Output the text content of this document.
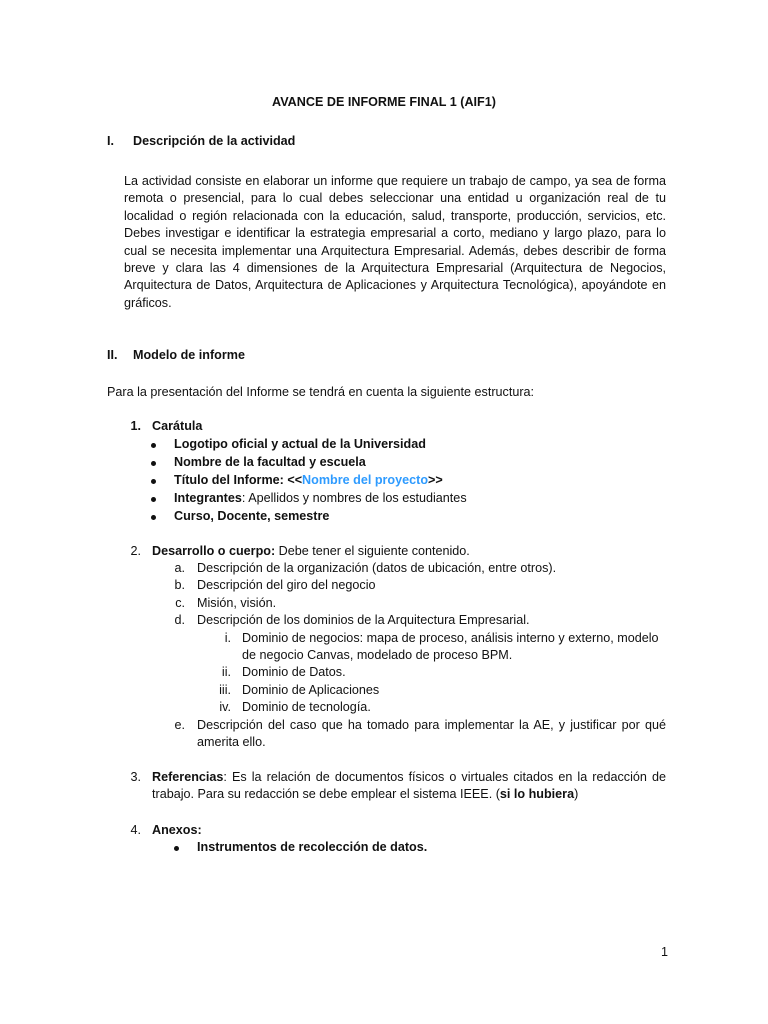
AVANCE DE INFORME FINAL 1 (AIF1)
I. Descripción de la actividad
La actividad consiste en elaborar un informe que requiere un trabajo de campo, ya sea de forma remota o presencial, para lo cual debes seleccionar una entidad u organización real de tu localidad o región relacionada con la educación, salud, transporte, producción, servicios, etc. Debes investigar e identificar la estrategia empresarial a corto, mediano y largo plazo, para lo cual se necesita implementar una Arquitectura Empresarial. Además, debes describir de forma breve y clara las 4 dimensiones de la Arquitectura Empresarial (Arquitectura de Negocios, Arquitectura de Datos, Arquitectura de Aplicaciones y Arquitectura Tecnológica), apoyándote en gráficos.
II. Modelo de informe
Para la presentación del Informe se tendrá en cuenta la siguiente estructura:
1. Carátula
Logotipo oficial y actual de la Universidad
Nombre de la facultad y escuela
Título del Informe: <<Nombre del proyecto>>
Integrantes: Apellidos y nombres de los estudiantes
Curso, Docente, semestre
2. Desarrollo o cuerpo: Debe tener el siguiente contenido.
a. Descripción de la organización (datos de ubicación, entre otros).
b. Descripción del giro del negocio
c. Misión, visión.
d. Descripción de los dominios de la Arquitectura Empresarial.
i. Dominio de negocios: mapa de proceso, análisis interno y externo, modelo de negocio Canvas, modelado de proceso BPM.
ii. Dominio de Datos.
iii. Dominio de Aplicaciones
iv. Dominio de tecnología.
e. Descripción del caso que ha tomado para implementar la AE, y justificar por qué amerita ello.
3. Referencias: Es la relación de documentos físicos o virtuales citados en la redacción de trabajo. Para su redacción se debe emplear el sistema IEEE. (si lo hubiera)
4. Anexos:
Instrumentos de recolección de datos.
1
